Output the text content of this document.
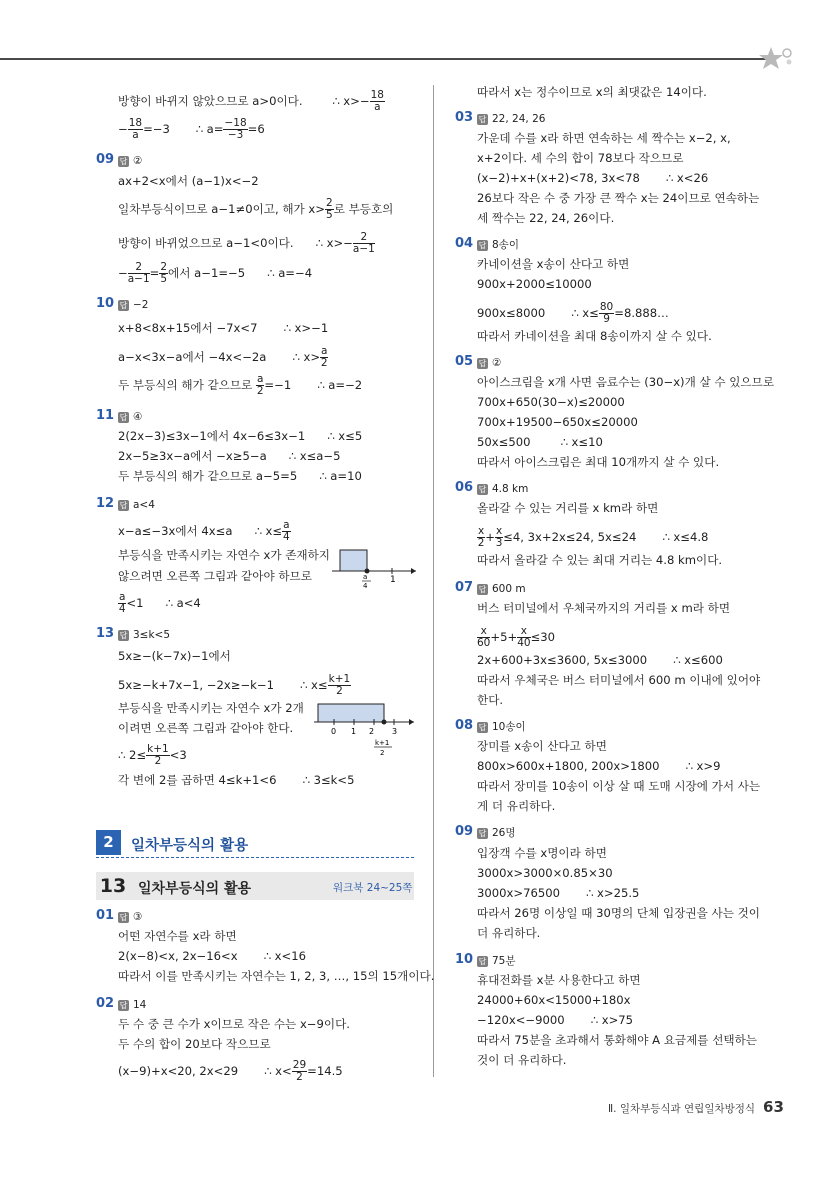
방향이 바뀌지 않았으므로 a>0이다.	∴ $x>- \frac{18}{a}$
− $\frac{18}{a} =-3$ ∴ $a= \frac{-18}{-3} =6$
09 답 ②
ax+2<x에서 (a−1)x<−2
일차부등식이므로 a−1≠0이고, 해가 $x> \frac{2}{5}$ 로 부등호의
방향이 바뀌었으므로 a−1<0이다. ∴ $x>- \frac{2}{a-1}$
− $\frac{2}{a-1} = \frac{2}{5}$ 에서 a−1=−5 ∴ a=−4
10 답 −2
x+8<8x+15에서 −7x<7 ∴ x>−1
a−x<3x−a에서 −4x<−2a ∴ $x> \frac{a}{2}$
두 부등식의 해가 같으므로 $\frac{a}{2} =-1$ ∴ a=−2
11 답 ④
2(2x−3)≤3x−1에서 4x−6≤3x−1 ∴ x≤5
2x−5≥3x−a에서 −x≥5−a ∴ x≤a−5
두 부등식의 해가 같으므로 a−5=5 ∴ a=10
12 답 a<4
x−a≤−3x에서 4x≤a ∴ $x\le \frac{a}{4}$
부등식을 만족시키는 자연수 x가 존재하지
않으려면 오른쪽 그림과 같아야 하므로
$\frac{a}{4} <1$ ∴ a<4
1
a
4
13 답 3≤k<5
5x≥−(k−7x)−1에서
5x≥−k+7x−1, −2x≥−k−1 ∴ $x\le \frac{k+1}{2}$
부등식을 만족시키는 자연수 x가 2개
이려면 오른쪽 그림과 같아야 한다.
∴ $2\le \frac{k+1}{2} <3$
각 변에 2를 곱하면 4≤k+1<6 ∴ 3≤k<5
0 1 2 3
k+1
2
2	일차부등식의 활용
13 일차부등식의 활용	워크북 24~25쪽
01 답 ③
어떤 자연수를 x라 하면
2(x−8)<x, 2x−16<x ∴ x<16
따라서 이를 만족시키는 자연수는 1, 2, 3, …, 15의 15개이다.
02 답 14
두 수 중 큰 수가 x이므로 작은 수는 x−9이다.
두 수의 합이 20보다 작으므로
(x−9)+x<20, 2x<29 ∴ $x< \frac{29}{2} =14.5$
따라서 x는 정수이므로 x의 최댓값은 14이다.
03 답 22, 24, 26
가운데 수를 x라 하면 연속하는 세 짝수는 x−2, x,
x+2이다. 세 수의 합이 78보다 작으므로
(x−2)+x+(x+2)<78, 3x<78 ∴ x<26
26보다 작은 수 중 가장 큰 짝수 x는 24이므로 연속하는
세 짝수는 22, 24, 26이다.
04 답 8송이
카네이션을 x송이 산다고 하면
900x+2000≤10000
900x≤8000 ∴ $x\le \frac{80}{9}$ =8.888…
따라서 카네이션을 최대 8송이까지 살 수 있다.
05 답 ②
아이스크림을 x개 사면 음료수는 (30−x)개 살 수 있으므로
700x+650(30−x)≤20000
700x+19500−650x≤20000
50x≤500	∴ x≤10
따라서 아이스크림은 최대 10개까지 살 수 있다.
06 답 4.8 km
올라갈 수 있는 거리를 x km라 하면
$\frac{x}{2} + \frac{x}{3} \le 4$, 3x+2x≤24, 5x≤24 ∴ x≤4.8
따라서 올라갈 수 있는 최대 거리는 4.8 km이다.
07 답 600 m
버스 터미널에서 우체국까지의 거리를 x m라 하면
$\frac{x}{60} +5+ \frac{x}{40} \le 30$
2x+600+3x≤3600, 5x≤3000 ∴ x≤600
따라서 우체국은 버스 터미널에서 600 m 이내에 있어야
한다.
08 답 10송이
장미를 x송이 산다고 하면
800x>600x+1800, 200x>1800 ∴ x>9
따라서 장미를 10송이 이상 살 때 도매 시장에 가서 사는
게 더 유리하다.
09 답 26명
입장객 수를 x명이라 하면
3000x>3000×0.85×30
3000x>76500 ∴ x>25.5
따라서 26명 이상일 때 30명의 단체 입장권을 사는 것이
더 유리하다.
10 답 75분
휴대전화를 x분 사용한다고 하면
24000+60x<15000+180x
−120x<−9000 ∴ x>75
따라서 75분을 초과해서 통화해야 A 요금제를 선택하는
것이 더 유리하다.
Ⅱ. 일차부등식과 연립일차방정식 63
